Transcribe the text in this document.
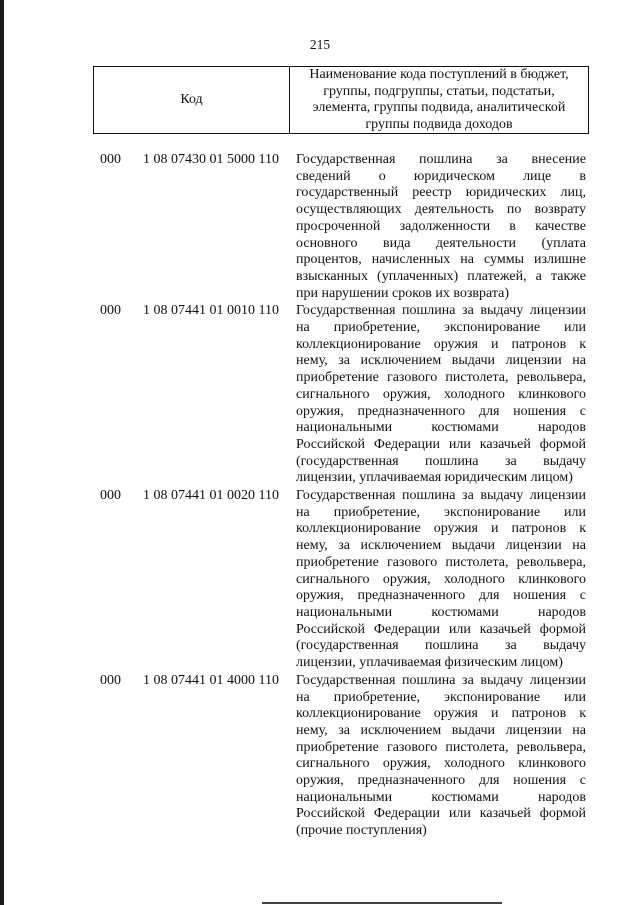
215
Код
Наименование кода поступлений в бюджет,
группы, подгруппы, статьи, подстатьи,
элемента, группы подвида, аналитической
группы подвида доходов
000 1 08 07430 01 5000 110 Государственная пошлина за внесение
сведений о юридическом лице в
государственный реестр юридических лиц,
осуществляющих деятельность по возврату
просроченной задолженности в качестве
основного вида деятельности (уплата
процентов, начисленных на суммы излишне
взысканных (уплаченных) платежей, а также
при нарушении сроков их возврата)
000 1 08 07441 01 0010 110 Государственная пошлина за выдачу лицензии
на приобретение, экспонирование или
коллекционирование оружия и патронов к
нему, за исключением выдачи лицензии на
приобретение газового пистолета, револьвера,
сигнального оружия, холодного клинкового
оружия, предназначенного для ношения с
национальными костюмами народов
Российской Федерации или казачьей формой
(государственная пошлина за выдачу
лицензии, уплачиваемая юридическим лицом)
000 1 08 07441 01 0020 110 Государственная пошлина за выдачу лицензии
на приобретение, экспонирование или
коллекционирование оружия и патронов к
нему, за исключением выдачи лицензии на
приобретение газового пистолета, револьвера,
сигнального оружия, холодного клинкового
оружия, предназначенного для ношения с
национальными костюмами народов
Российской Федерации или казачьей формой
(государственная пошлина за выдачу
лицензии, уплачиваемая физическим лицом)
000 1 08 07441 01 4000 110 Государственная пошлина за выдачу лицензии
на приобретение, экспонирование или
коллекционирование оружия и патронов к
нему, за исключением выдачи лицензии на
приобретение газового пистолета, револьвера,
сигнального оружия, холодного клинкового
оружия, предназначенного для ношения с
национальными костюмами народов
Российской Федерации или казачьей формой
(прочие поступления)
